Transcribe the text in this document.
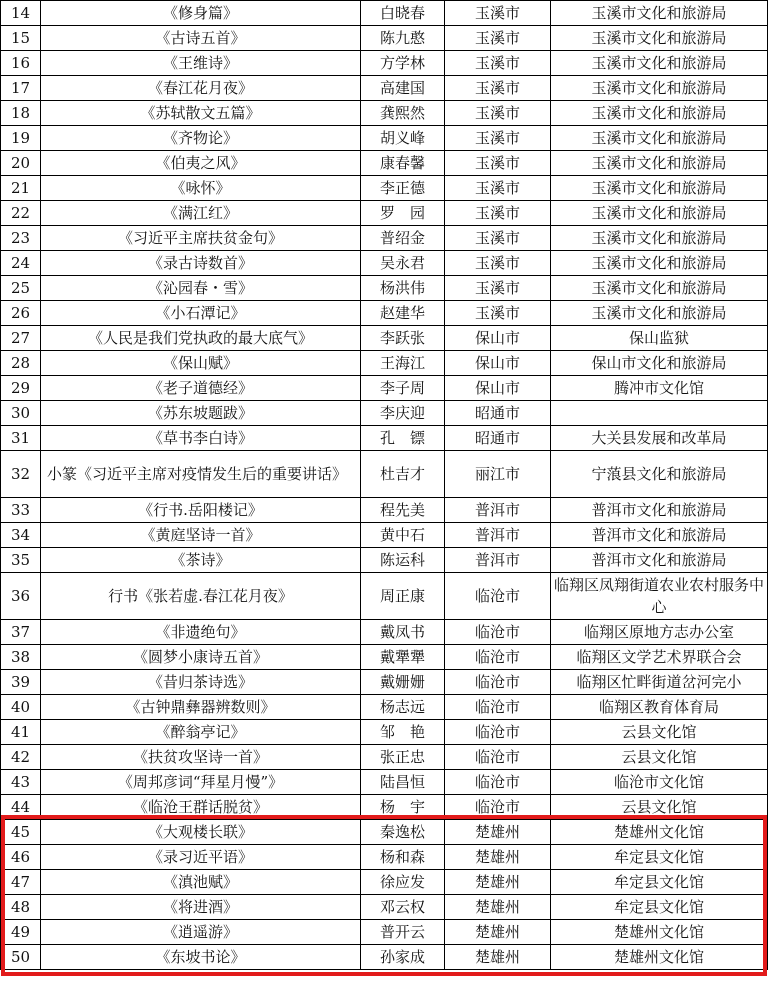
14	《修身篇》	白晓春	玉溪市	玉溪市文化和旅游局
15	《古诗五首》	陈九憨	玉溪市	玉溪市文化和旅游局
16	《王维诗》	方学林	玉溪市	玉溪市文化和旅游局
17	《春江花月夜》	高建国	玉溪市	玉溪市文化和旅游局
18	《苏轼散文五篇》	龚熙然	玉溪市	玉溪市文化和旅游局
19	《齐物论》	胡义峰	玉溪市	玉溪市文化和旅游局
20	《伯夷之风》	康春馨	玉溪市	玉溪市文化和旅游局
21	《咏怀》	李正德	玉溪市	玉溪市文化和旅游局
22	《满江红》	罗　园	玉溪市	玉溪市文化和旅游局
23	《习近平主席扶贫金句》	普绍金	玉溪市	玉溪市文化和旅游局
24	《录古诗数首》	吴永君	玉溪市	玉溪市文化和旅游局
25	《沁园春・雪》	杨洪伟	玉溪市	玉溪市文化和旅游局
26	《小石潭记》	赵建华	玉溪市	玉溪市文化和旅游局
27	《人民是我们党执政的最大底气》	李跃张	保山市	保山监狱
28	《保山赋》	王海江	保山市	保山市文化和旅游局
29	《老子道德经》	李子周	保山市	腾冲市文化馆
30	《苏东坡题跋》	李庆迎	昭通市	
31	《草书李白诗》	孔　镖	昭通市	大关县发展和改革局
32	小篆《习近平主席对疫情发生后的重要讲话》	杜吉才	丽江市	宁蒗县文化和旅游局
33	《行书.岳阳楼记》	程先美	普洱市	普洱市文化和旅游局
34	《黄庭坚诗一首》	黄中石	普洱市	普洱市文化和旅游局
35	《茶诗》	陈运科	普洱市	普洱市文化和旅游局
36	行书《张若虚.春江花月夜》	周正康	临沧市	临翔区凤翔街道农业农村服务中心
37	《非遗绝句》	戴凤书	临沧市	临翔区原地方志办公室
38	《圆梦小康诗五首》	戴犟犟	临沧市	临翔区文学艺术界联合会
39	《昔归茶诗选》	戴姗姗	临沧市	临翔区忙畔街道岔河完小
40	《古钟鼎彝器辨数则》	杨志远	临沧市	临翔区教育体育局
41	《醉翁亭记》	邹　艳	临沧市	云县文化馆
42	《扶贫攻坚诗一首》	张正忠	临沧市	云县文化馆
43	《周邦彦词“拜星月慢”》	陆昌恒	临沧市	临沧市文化馆
44	《临沧王群话脱贫》	杨　宇	临沧市	云县文化馆
45	《大观楼长联》	秦逸松	楚雄州	楚雄州文化馆
46	《录习近平语》	杨和森	楚雄州	牟定县文化馆
47	《滇池赋》	徐应发	楚雄州	牟定县文化馆
48	《将进酒》	邓云权	楚雄州	牟定县文化馆
49	《逍遥游》	普开云	楚雄州	楚雄州文化馆
50	《东坡书论》	孙家成	楚雄州	楚雄州文化馆
